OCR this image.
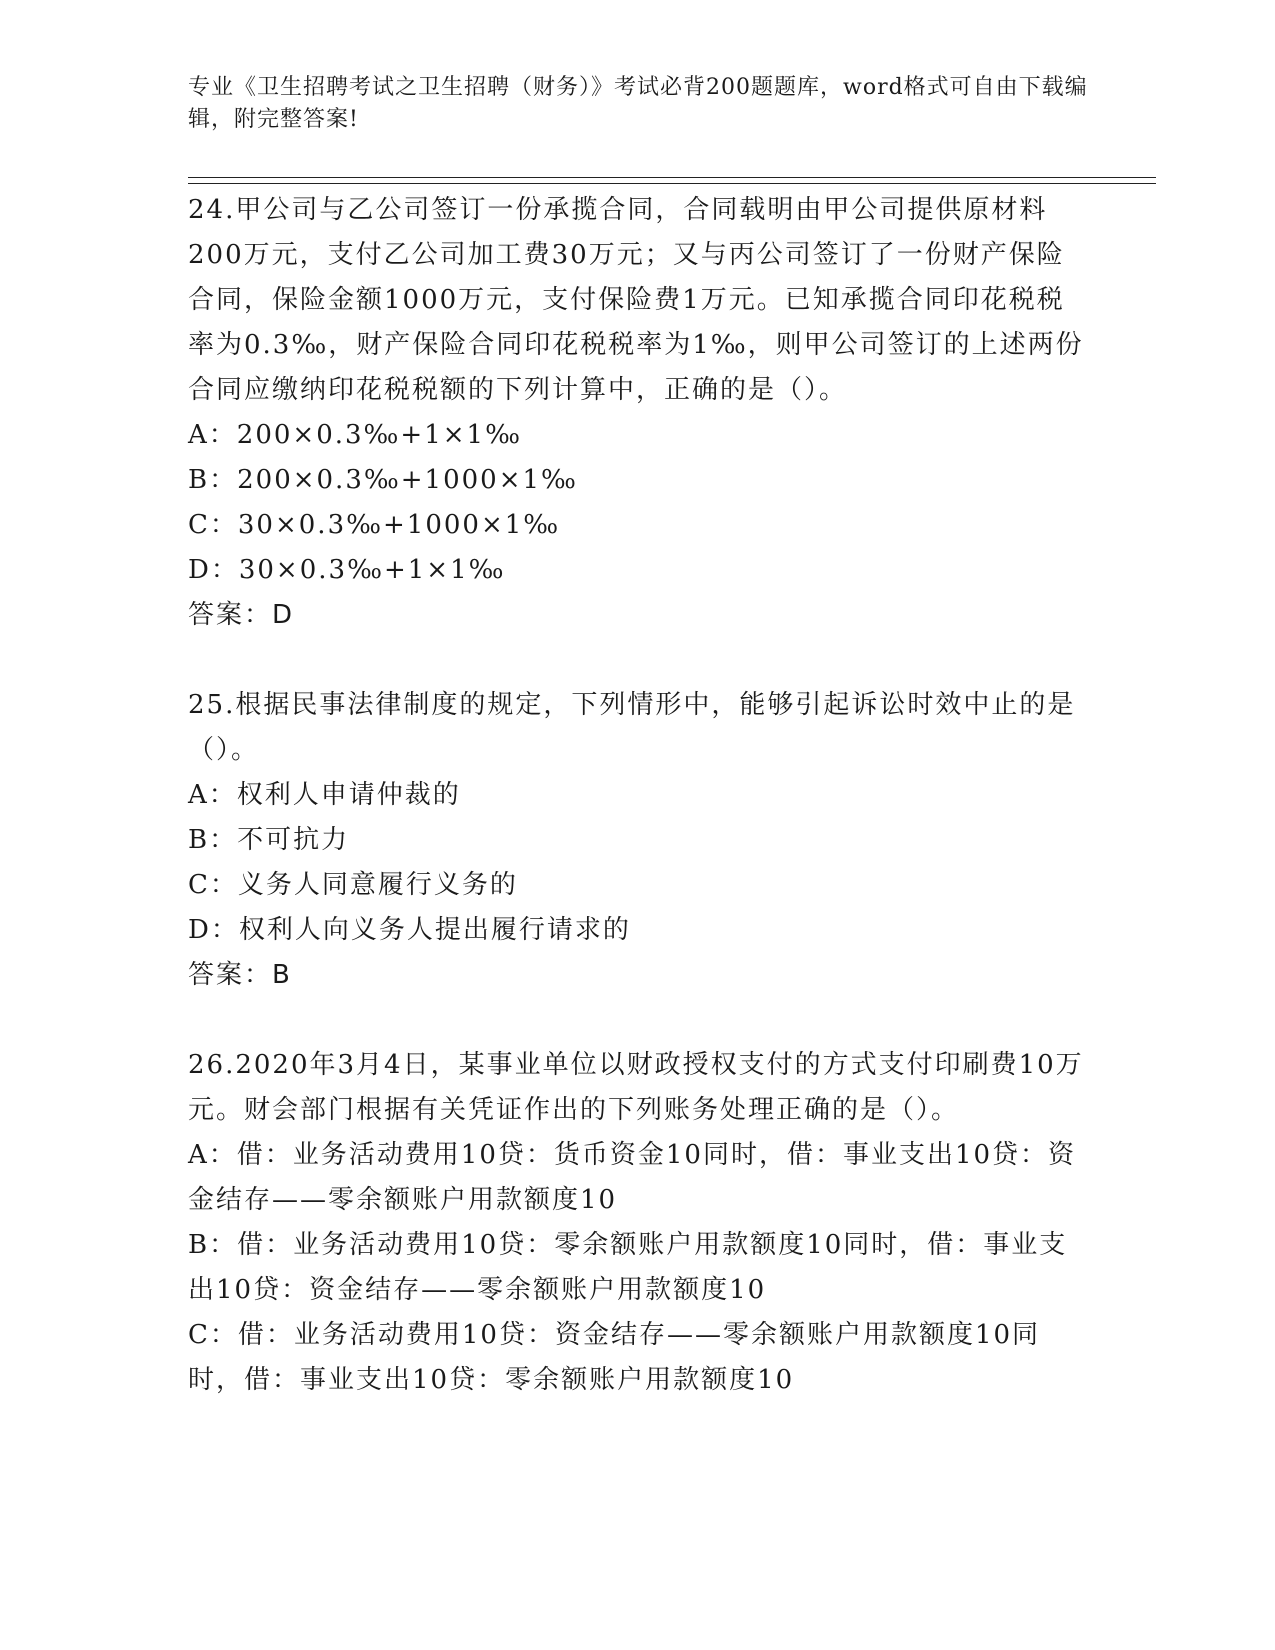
专业《卫生招聘考试之卫生招聘（财务）》考试必背200题题库，word格式可自由下载编辑，附完整答案!

24.甲公司与乙公司签订一份承揽合同，合同载明由甲公司提供原材料200万元，支付乙公司加工费30万元；又与丙公司签订了一份财产保险合同，保险金额1000万元，支付保险费1万元。已知承揽合同印花税税率为0.3‰，财产保险合同印花税税率为1‰，则甲公司签订的上述两份合同应缴纳印花税税额的下列计算中，正确的是（）。

A：200×0.3‰+1×1‰

B：200×0.3‰+1000×1‰

C：30×0.3‰+1000×1‰

D：30×0.3‰+1×1‰

答案：D

25.根据民事法律制度的规定，下列情形中，能够引起诉讼时效中止的是（）。

A：权利人申请仲裁的

B：不可抗力

C：义务人同意履行义务的

D：权利人向义务人提出履行请求的

答案：B

26.2020年3月4日，某事业单位以财政授权支付的方式支付印刷费10万元。财会部门根据有关凭证作出的下列账务处理正确的是（）。

A：借：业务活动费用10贷：货币资金10同时，借：事业支出10贷：资金结存——零余额账户用款额度10

B：借：业务活动费用10贷：零余额账户用款额度10同时，借：事业支出10贷：资金结存——零余额账户用款额度10

C：借：业务活动费用10贷：资金结存——零余额账户用款额度10同时，借：事业支出10贷：零余额账户用款额度10
